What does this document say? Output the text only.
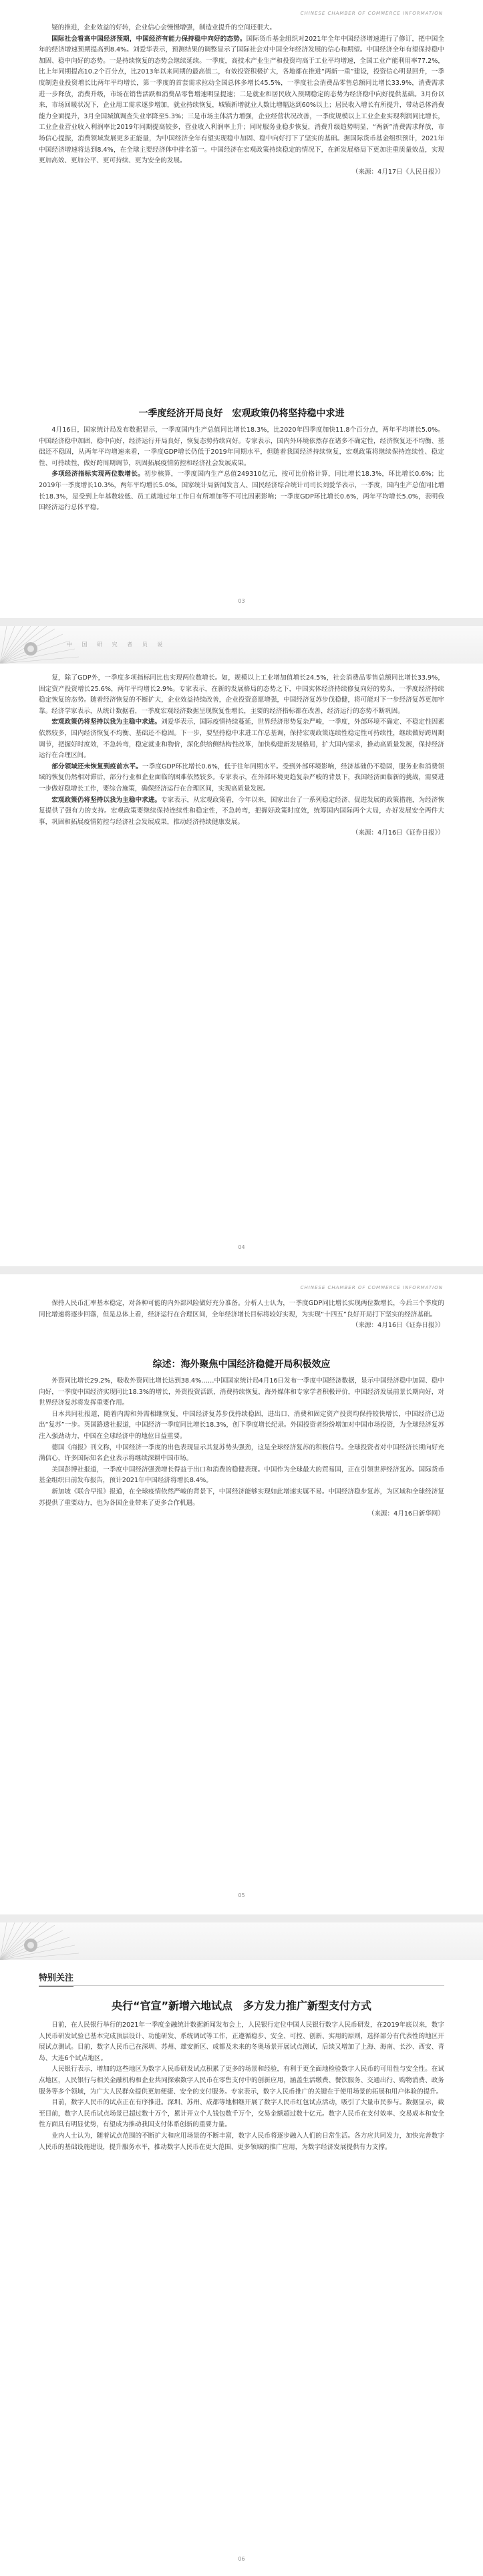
CHINESE CHAMBER OF COMMERCE INFORMATION

疑的推进，企业效益的好转，企业信心会慢慢增强，制造业提升的空间还很大。

国际社会看高中国经济预期，中国经济有能力保持稳中向好的态势。国际货币基金组织对2021年全年中国经济增速进行了修订，把中国全年的经济增速预期提高到8.4%。刘爱华表示，预测结果的调整显示了国际社会对中国全年经济发展的信心和期望。中国经济全年有望保持稳中加固、稳中向好的态势。一是持续恢复的态势会继续延续。一季度，高技术产业生产和投资均高于工业平均增速，全国工业产能利用率77.2%，比上年同期提高10.2个百分点，比2013年以来同期的最高值二，有效投资积极扩大，各地都在推进“两新一重”建设，投资信心明显回升，一季度制造业投资增长比两年平均增长，第一季度的首套需求拉动全国总体多增长45.5%，一季度社会消费品零售总额同比增长33.9%，消费需求进一步释放，消费升级，市场在销售活跃和消费品零售增速明显提速；二是就业和居民收入预期稳定的态势为经济稳中向好提供基础。3月份以来，市场回暖状况下，企业用工需求逐步增加，就业持续恢复，城镇新增就业人数比增幅达到60%以上；居民收入增长有所提升，带动总体消费能力全面提升，3月全国城镇调查失业率降至5.3%；三是市场主体活力增强，企业经营状况改善，一季度规模以上工业企业实现利润同比增长，工业企业营业收入利润率比2019年同期提高较多，营业收入利润率上升；同时服务业稳步恢复，消费升级趋势明显，“两新”消费需求释放，市场信心提振，消费领域发展更多正能量，为中国经济全年有望实现稳中加固、稳中向好打下了坚实的基础。据国际货币基金组织预计，2021年中国经济增速将达到8.4%，在全球主要经济体中排名第一。中国经济在宏观政策持续稳定的情况下，在新发展格局下更加注重质量效益，实现更加高效、更加公平、更可持续、更为安全的发展。

（来源：4月17日《人民日报》）

一季度经济开局良好　宏观政策仍将坚持稳中求进

4月16日，国家统计局发布数据显示，一季度国内生产总值同比增长18.3%，比2020年四季度加快11.8个百分点，两年平均增长5.0%。中国经济稳中加固、稳中向好，经济运行开局良好，恢复态势持续向好。专家表示，国内外环境依然存在诸多不确定性，经济恢复还不均衡、基础还不稳固，从两年平均增速来看，一季度GDP增长仍低于2019年同期水平，但随着我国经济持续恢复，宏观政策将继续保持连续性、稳定性、可持续性，做好跨周期调节，巩固拓展疫情防控和经济社会发展成果。

多项经济指标实现两位数增长。初步核算，一季度国内生产总值249310亿元，按可比价格计算，同比增长18.3%，环比增长0.6%；比2019年一季度增长10.3%，两年平均增长5.0%。国家统计局新闻发言人、国民经济综合统计司司长刘爱华表示，一季度，国内生产总值同比增长18.3%，是受到上年基数较低、员工就地过年工作日有所增加等不可比因素影响；一季度GDP环比增长0.6%，两年平均增长5.0%，表明我国经济运行总体平稳。

03
中 国 研 究 者 员 说

复，除了GDP外，一季度多项指标同比也实现两位数增长。如，规模以上工业增加值增长24.5%，社会消费品零售总额同比增长33.9%，固定资产投资增长25.6%，两年平均增长2.9%。专家表示，在新的发展格局的态势之下，中国实体经济持续修复向好的势头，一季度经济持续稳定恢复的态势。随着经济恢复的不断扩大，企业效益持续改善，企业投资意愿增强，中国经济复苏步伐稳健，将可能对下一步经济复苏更加牢靠。经济学家表示，从统计数据看，一季度宏观经济数据呈现恢复性增长，主要的经济指标都在改善，经济运行的态势不断巩固。

宏观政策仍将坚持以我为主稳中求进。刘爱华表示，国际疫情持续蔓延，世界经济形势复杂严峻，一季度，外部环境不确定、不稳定性因素依然较多，国内经济恢复不均衡、基础还不稳固。下一步，要坚持稳中求进工作总基调，保持宏观政策连续性稳定性可持续性，继续做好跨周期调节，把握好时度效，不急转弯，稳定就业和物价，深化供给侧结构性改革，加快构建新发展格局，扩大国内需求，推动高质量发展，保持经济运行在合理区间。

部分领域还未恢复到疫前水平。一季度GDP环比增长0.6%，低于往年同期水平。受到外部环境影响，经济基础仍不稳固，服务业和消费领域的恢复仍然相对滞后，部分行业和企业面临的困难依然较多。专家表示，在外部环境更趋复杂严峻的背景下，我国经济面临新的挑战，需要进一步做好稳增长工作，要综合施策，确保经济运行在合理区间，实现高质量发展。

宏观政策仍将坚持以我为主稳中求进。专家表示，从宏观政策看，今年以来，国家出台了一系列稳定经济、促进发展的政策措施，为经济恢复提供了强有力的支持。宏观政策要继续保持连续性和稳定性，不急转弯，把握好政策时度效，统筹国内国际两个大局，办好发展安全两件大事，巩固和拓展疫情防控与经济社会发展成果，推动经济持续健康发展。

（来源：4月16日《证券日报》）

04
CHINESE CHAMBER OF COMMERCE INFORMATION

保持人民币汇率基本稳定，对各种可能的内外部风险做好充分准备。分析人士认为，一季度GDP同比增长实现两位数增长，今后三个季度的同比增速将逐步回落，但是总体上看，经济运行在合理区间，全年经济增长目标将较好实现，为实现“十四五”良好开局打下坚实的经济基础。

（来源：4月16日《证券日报》）

综述：海外聚焦中国经济稳健开局积极效应

外资同比增长29.2%，吸收外资同比增长达到38.4%……中国国家统计局4月16日发布一季度中国经济数据，显示中国经济稳中加固、稳中向好，一季度中国经济实现同比18.3%的增长，外资投资活跃，消费持续恢复，海外媒体和专家学者积极评价，中国经济发展前景长期向好，对世界经济复苏将发挥重要作用。

日本共同社报道，随着内需和外需相继恢复，中国经济复苏步伐持续稳固，进出口、消费和固定资产投资均保持较快增长，中国经济已迈出“复苏”一步。英国路透社报道，中国经济一季度同比增长18.3%，创下季度增长纪录。外国投资者纷纷增加对中国市场投资，为全球经济复苏注入强劲动力，中国在全球经济中的地位日益重要。

德国《商报》刊文称，中国经济一季度的出色表现显示其复苏势头强劲，这是全球经济复苏的积极信号。全球投资者对中国经济长期向好充满信心，许多国际知名企业表示将继续深耕中国市场。

美国彭博社报道，一季度中国经济强劲增长得益于出口和消费的稳健表现。中国作为全球最大的贸易国，正在引领世界经济复苏。国际货币基金组织日前发布报告，预计2021年中国经济将增长8.4%。

新加坡《联合早报》报道，在全球疫情依然严峻的背景下，中国经济能够实现如此增速实属不易。中国经济稳步复苏，为区域和全球经济复苏提供了重要动力，也为各国企业带来了更多合作机遇。

（来源：4月16日新华网）

05
特别关注
央行“官宣”新增六地试点　多方发力推广新型支付方式

日前，在人民银行举行的2021年一季度金融统计数据新闻发布会上，人民银行定位中国人民银行数字人民币研发，在2019年底以来，数字人民币研发试验已基本完成顶层设计、功能研发、系统调试等工作，正遵循稳步、安全、可控、创新、实用的原则，选择部分有代表性的地区开展试点测试。目前，数字人民币已在深圳、苏州、雄安新区、成都及未来的冬奥场景开展试点测试，后续又增加了上海、海南、长沙、西安、青岛、大连6个试点地区。

人民银行表示，增加的这些地区为数字人民币研发试点积累了更多的场景和经验，有利于更全面地检验数字人民币的可用性与安全性。在试点地区，人民银行与相关金融机构和企业共同探索数字人民币在零售支付中的创新应用，涵盖生活缴费、餐饮服务、交通出行、购物消费、政务服务等多个领域，为广大人民群众提供更加便捷、安全的支付服务。专家表示，数字人民币推广的关键在于使用场景的拓展和用户体验的提升。

目前，数字人民币的试点正在有序推进。深圳、苏州、成都等地相继开展了数字人民币红包试点活动，吸引了大量市民参与。数据显示，截至目前，数字人民币试点场景已超过数十万个，累计开立个人钱包数千万个，交易金额超过数十亿元。数字人民币在支付效率、交易成本和安全性方面具有明显优势，有望成为推动我国支付体系创新的重要力量。

业内人士认为，随着试点范围的不断扩大和应用场景的不断丰富，数字人民币将逐步融入人们的日常生活。各方应共同发力，加快完善数字人民币的基础设施建设，提升服务水平，推动数字人民币在更大范围、更多领域的推广应用，为数字经济发展提供有力支撑。

06
